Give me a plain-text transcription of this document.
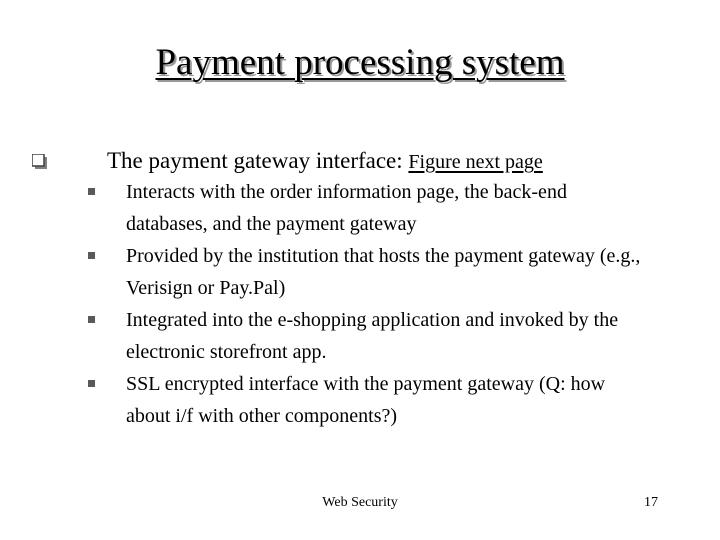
Payment processing system
The payment gateway interface: Figure next page
Interacts with the order information page, the back-end databases, and the payment gateway
Provided by the institution that hosts the payment gateway (e.g., Verisign or Pay.Pal)
Integrated into the e-shopping application and invoked by the electronic storefront app.
SSL encrypted interface with the payment gateway (Q: how about i/f with other components?)
Web Security	17
